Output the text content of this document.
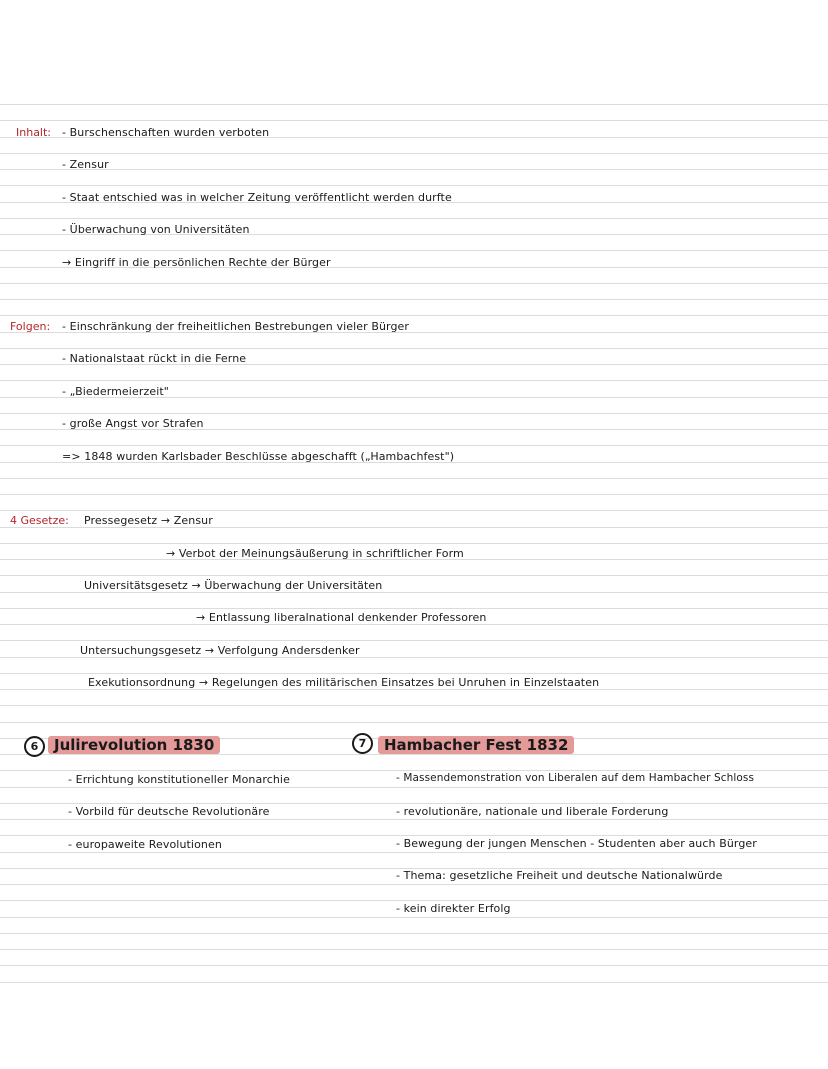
Inhalt: - Burschenschaften wurden verboten
- Zensur
- Staat entschied was in welcher Zeitung veröffentlicht werden durfte
- Überwachung von Universitäten
→ Eingriff in die persönlichen Rechte der Bürger
Folgen: - Einschränkung der freiheitlichen Bestrebungen vieler Bürger
- Nationalstaat rückt in die Ferne
- „Biedermeierzeit"
- große Angst vor Strafen
=> 1848 wurden Karlsbader Beschlüsse abgeschafft („Hambachfest")
4 Gesetze: Pressegesetz → Zensur
→ Verbot der Meinungsäußerung in schriftlicher Form
Universitätsgesetz → Überwachung der Universitäten
→ Entlassung liberalnational denkender Professoren
Untersuchungsgesetz → Verfolgung Andersdenker
Exekutionsordnung → Regelungen des militärischen Einsatzes bei Unruhen in Einzelstaaten
6	Julirevolution 1830
- Errichtung konstitutioneller Monarchie
- Vorbild für deutsche Revolutionäre
- europaweite Revolutionen
7	Hambacher Fest 1832
- Massendemonstration von Liberalen auf dem Hambacher Schloss
- revolutionäre, nationale und liberale Forderung
- Bewegung der jungen Menschen - Studenten aber auch Bürger
- Thema: gesetzliche Freiheit und deutsche Nationalwürde
- kein direkter Erfolg
